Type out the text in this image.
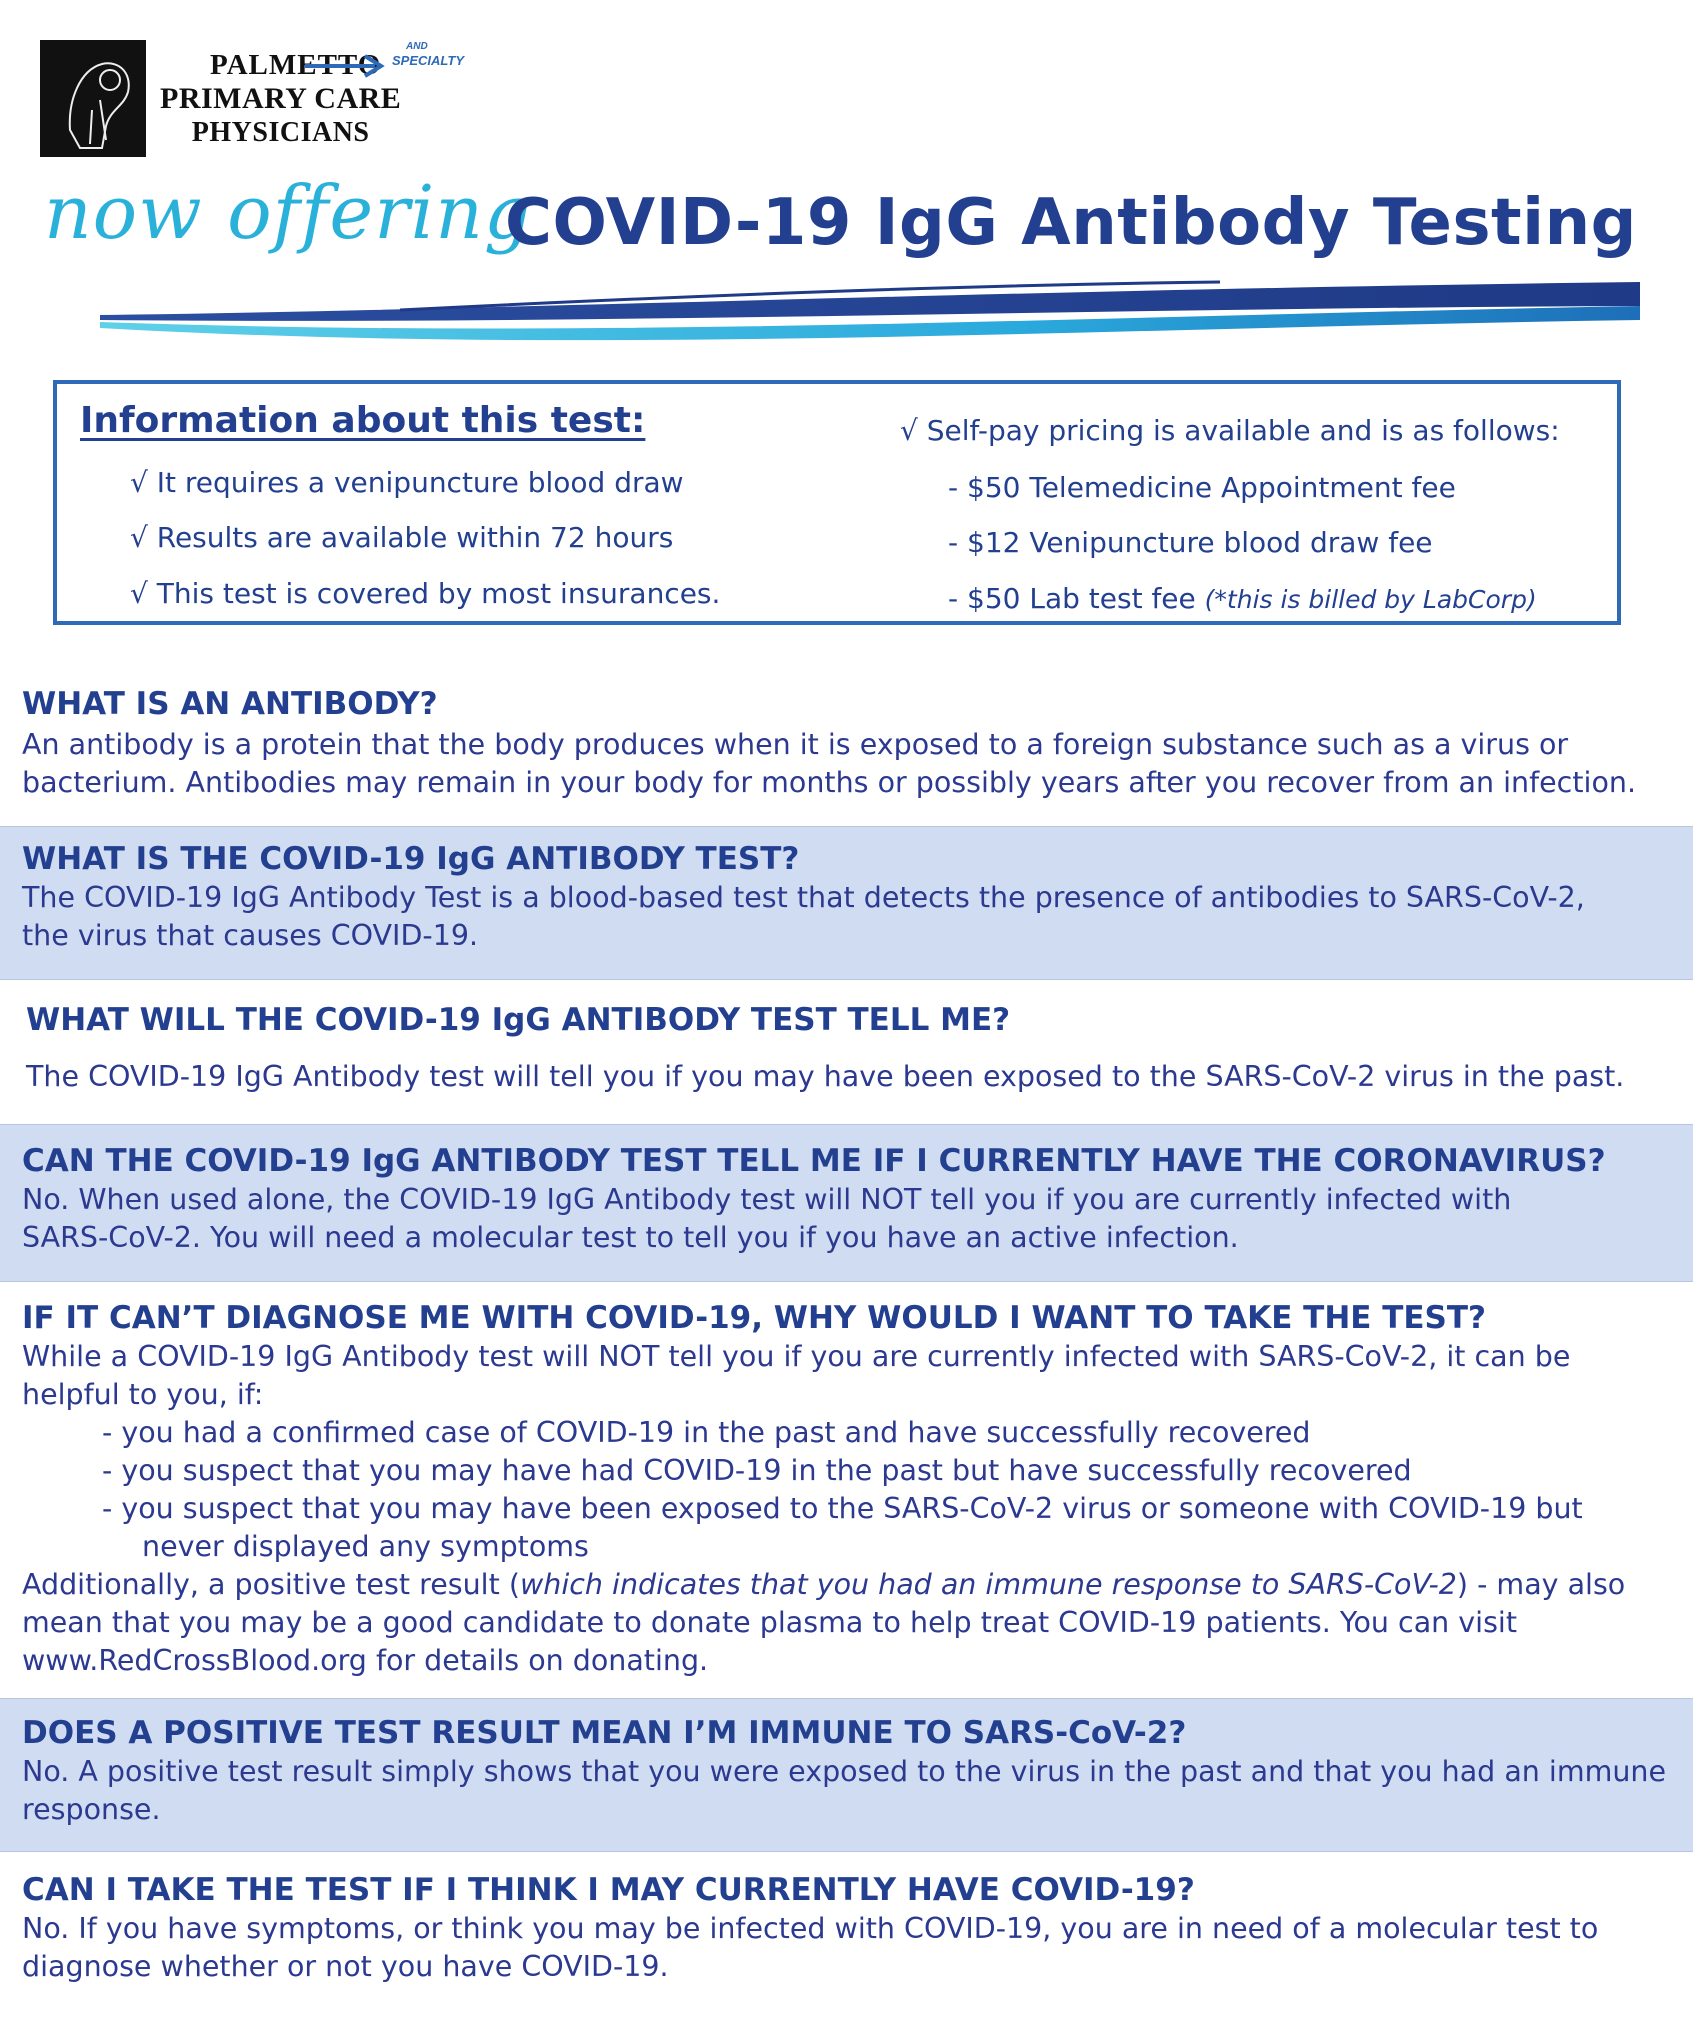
PALMETTO
PRIMARY CARE
PHYSICIANS
AND
SPECIALTY
now offering
COVID-19 IgG Antibody Testing
Information about this test:
√ It requires a venipuncture blood draw
√ Results are available within 72 hours
√ This test is covered by most insurances.
√ Self-pay pricing is available and is as follows:
- $50 Telemedicine Appointment fee
- $12 Venipuncture blood draw fee
- $50 Lab test fee (*this is billed by LabCorp)
WHAT IS AN ANTIBODY?
An antibody is a protein that the body produces when it is exposed to a foreign substance such as a virus or
bacterium. Antibodies may remain in your body for months or possibly years after you recover from an infection.
WHAT IS THE COVID-19 IgG ANTIBODY TEST?
The COVID-19 IgG Antibody Test is a blood-based test that detects the presence of antibodies to SARS-CoV-2,
the virus that causes COVID-19.
WHAT WILL THE COVID-19 IgG ANTIBODY TEST TELL ME?
The COVID-19 IgG Antibody test will tell you if you may have been exposed to the SARS-CoV-2 virus in the past.
CAN THE COVID-19 IgG ANTIBODY TEST TELL ME IF I CURRENTLY HAVE THE CORONAVIRUS?
No. When used alone, the COVID-19 IgG Antibody test will NOT tell you if you are currently infected with
SARS-CoV-2. You will need a molecular test to tell you if you have an active infection.
IF IT CAN’T DIAGNOSE ME WITH COVID-19, WHY WOULD I WANT TO TAKE THE TEST?
While a COVID-19 IgG Antibody test will NOT tell you if you are currently infected with SARS-CoV-2, it can be
helpful to you, if:
- you had a confirmed case of COVID-19 in the past and have successfully recovered
- you suspect that you may have had COVID-19 in the past but have successfully recovered
- you suspect that you may have been exposed to the SARS-CoV-2 virus or someone with COVID-19 but
never displayed any symptoms
Additionally, a positive test result (which indicates that you had an immune response to SARS-CoV-2) - may also
mean that you may be a good candidate to donate plasma to help treat COVID-19 patients. You can visit
www.RedCrossBlood.org for details on donating.
DOES A POSITIVE TEST RESULT MEAN I’M IMMUNE TO SARS-CoV-2?
No. A positive test result simply shows that you were exposed to the virus in the past and that you had an immune
response.
CAN I TAKE THE TEST IF I THINK I MAY CURRENTLY HAVE COVID-19?
No. If you have symptoms, or think you may be infected with COVID-19, you are in need of a molecular test to
diagnose whether or not you have COVID-19.
